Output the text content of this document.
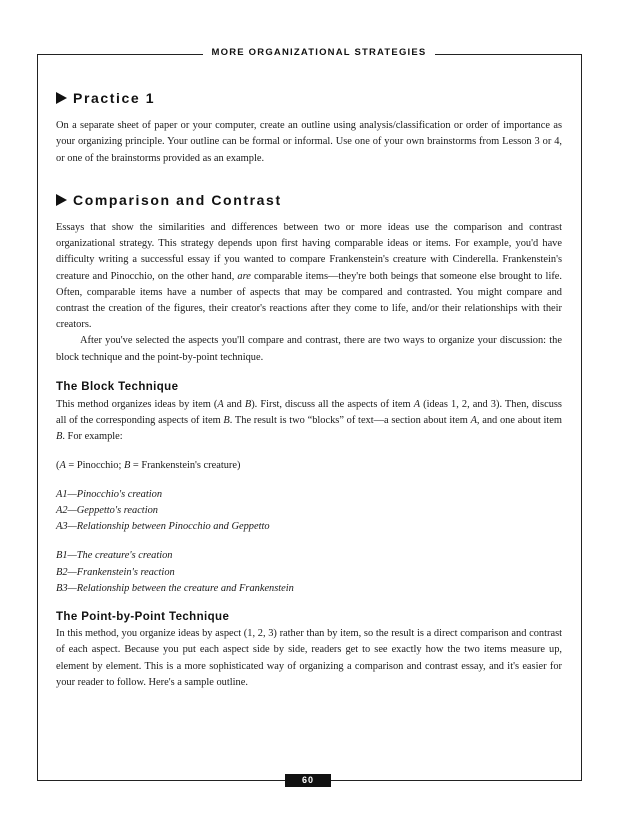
MORE ORGANIZATIONAL STRATEGIES
Practice 1

On a separate sheet of paper or your computer, create an outline using analysis/classification or order of importance as your organizing principle. Your outline can be formal or informal. Use one of your own brainstorms from Lesson 3 or 4, or one of the brainstorms provided as an example.

Comparison and Contrast

Essays that show the similarities and differences between two or more ideas use the comparison and contrast organizational strategy. This strategy depends upon first having comparable ideas or items. For example, you'd have difficulty writing a successful essay if you wanted to compare Frankenstein's creature with Cinderella. Frankenstein's creature and Pinocchio, on the other hand, are comparable items—they're both beings that someone else brought to life. Often, comparable items have a number of aspects that may be compared and contrasted. You might compare and contrast the creation of the figures, their creator's reactions after they come to life, and/or their relationships with their creators.

After you've selected the aspects you'll compare and contrast, there are two ways to organize your discussion: the block technique and the point-by-point technique.

The Block Technique

This method organizes ideas by item (A and B). First, discuss all the aspects of item A (ideas 1, 2, and 3). Then, discuss all of the corresponding aspects of item B. The result is two “blocks” of text—a section about item A, and one about item B. For example:

(A = Pinocchio; B = Frankenstein's creature)

A1—Pinocchio's creation

A2—Geppetto's reaction

A3—Relationship between Pinocchio and Geppetto

B1—The creature's creation

B2—Frankenstein's reaction

B3—Relationship between the creature and Frankenstein

The Point-by-Point Technique

In this method, you organize ideas by aspect (1, 2, 3) rather than by item, so the result is a direct comparison and contrast of each aspect. Because you put each aspect side by side, readers get to see exactly how the two items measure up, element by element. This is a more sophisticated way of organizing a comparison and contrast essay, and it's easier for your reader to follow. Here's a sample outline.

60
